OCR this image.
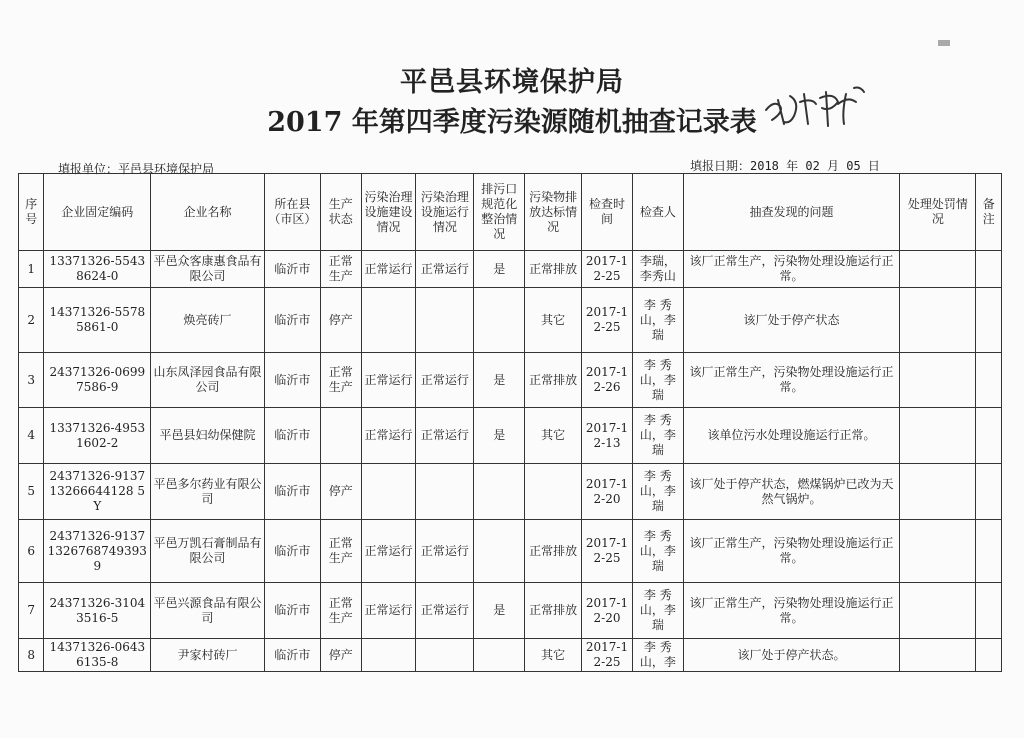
平邑县环境保护局
2017 年第四季度污染源随机抽查记录表
填报单位：平邑县环境保护局	填报日期：2018 年 02 月 05 日
序号	企业固定编码	企业名称	所在县（市区）	生产状态	污染治理设施建设情况	污染治理设施运行情况	排污口规范化整治情况	污染物排放达标情况	检查时间	检查人	抽查发现的问题	处理处罚情况	备注
1	13371326-55438624-0	平邑众客康惠食品有限公司	临沂市	正常生产	正常运行	正常运行	是	正常排放	2017-12-25	李瑞，李秀山	该厂正常生产，污染物处理设施运行正常。		
2	14371326-55785861-0	焕亮砖厂	临沂市	停产				其它	2017-12-25	李 秀山，李瑞	该厂处于停产状态		
3	24371326-06997586-9	山东凤泽园食品有限公司	临沂市	正常生产	正常运行	正常运行	是	正常排放	2017-12-26	李 秀山，李瑞	该厂正常生产，污染物处理设施运行正常。		
4	13371326-49531602-2	平邑县妇幼保健院	临沂市		正常运行	正常运行	是	其它	2017-12-13	李 秀山，李瑞	该单位污水处理设施运行正常。		
5	24371326-913713266644128 5Y	平邑多尔药业有限公司	临沂市	停产					2017-12-20	李 秀山，李瑞	该厂处于停产状态，燃煤锅炉已改为天然气锅炉。		
6	24371326-913713267687493939	平邑万凯石膏制品有限公司	临沂市	正常生产	正常运行	正常运行		正常排放	2017-12-25	李 秀山，李瑞	该厂正常生产，污染物处理设施运行正常。		
7	24371326-31043516-5	平邑兴源食品有限公司	临沂市	正常生产	正常运行	正常运行	是	正常排放	2017-12-20	李 秀山，李瑞	该厂正常生产，污染物处理设施运行正常。		
8	14371326-06436135-8	尹家村砖厂	临沂市	停产				其它	2017-12-25	李 秀山，李	该厂处于停产状态。		
